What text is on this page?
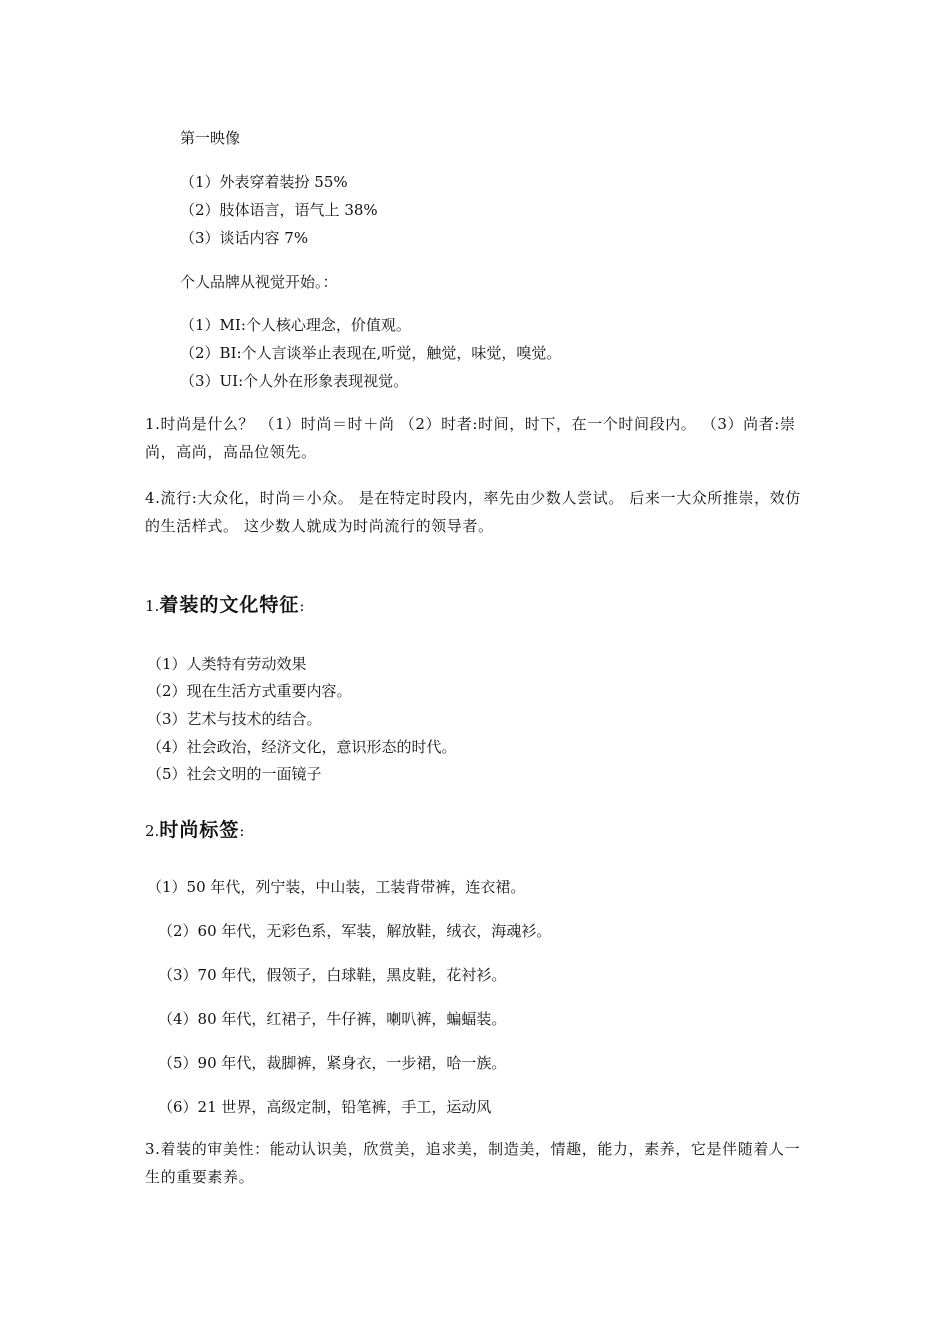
第一映像
（1）外表穿着装扮 55%
（2）肢体语言，语气上 38%
（3）谈话内容 7%
个人品牌从视觉开始。：
（1）MI:个人核心理念，价值观。
（2）BI:个人言谈举止表现在,听觉，触觉，味觉，嗅觉。
（3）UI:个人外在形象表现视觉。
1.时尚是什么？ （1）时尚＝时＋尚 （2）时者:时间，时下，在一个时间段内。 （3）尚者:崇尚，高尚，高品位领先。
4.流行:大众化，时尚＝小众。 是在特定时段内，率先由少数人尝试。 后来一大众所推崇，效仿的生活样式。 这少数人就成为时尚流行的领导者。
1.着装的文化特征:
（1）人类特有劳动效果
（2）现在生活方式重要内容。
（3）艺术与技术的结合。
（4）社会政治，经济文化，意识形态的时代。
（5）社会文明的一面镜子
2.时尚标签:
（1）50 年代，列宁装，中山装，工装背带裤，连衣裙。
（2）60 年代，无彩色系，军装，解放鞋，绒衣，海魂衫。
（3）70 年代，假领子，白球鞋，黑皮鞋，花衬衫。
（4）80 年代，红裙子，牛仔裤，喇叭裤，蝙蝠装。
（5）90 年代，裁脚裤，紧身衣，一步裙，哈一族。
（6）21 世界，高级定制，铅笔裤，手工，运动风
3.着装的审美性：能动认识美，欣赏美，追求美，制造美，情趣，能力，素养，它是伴随着人一生的重要素养。
